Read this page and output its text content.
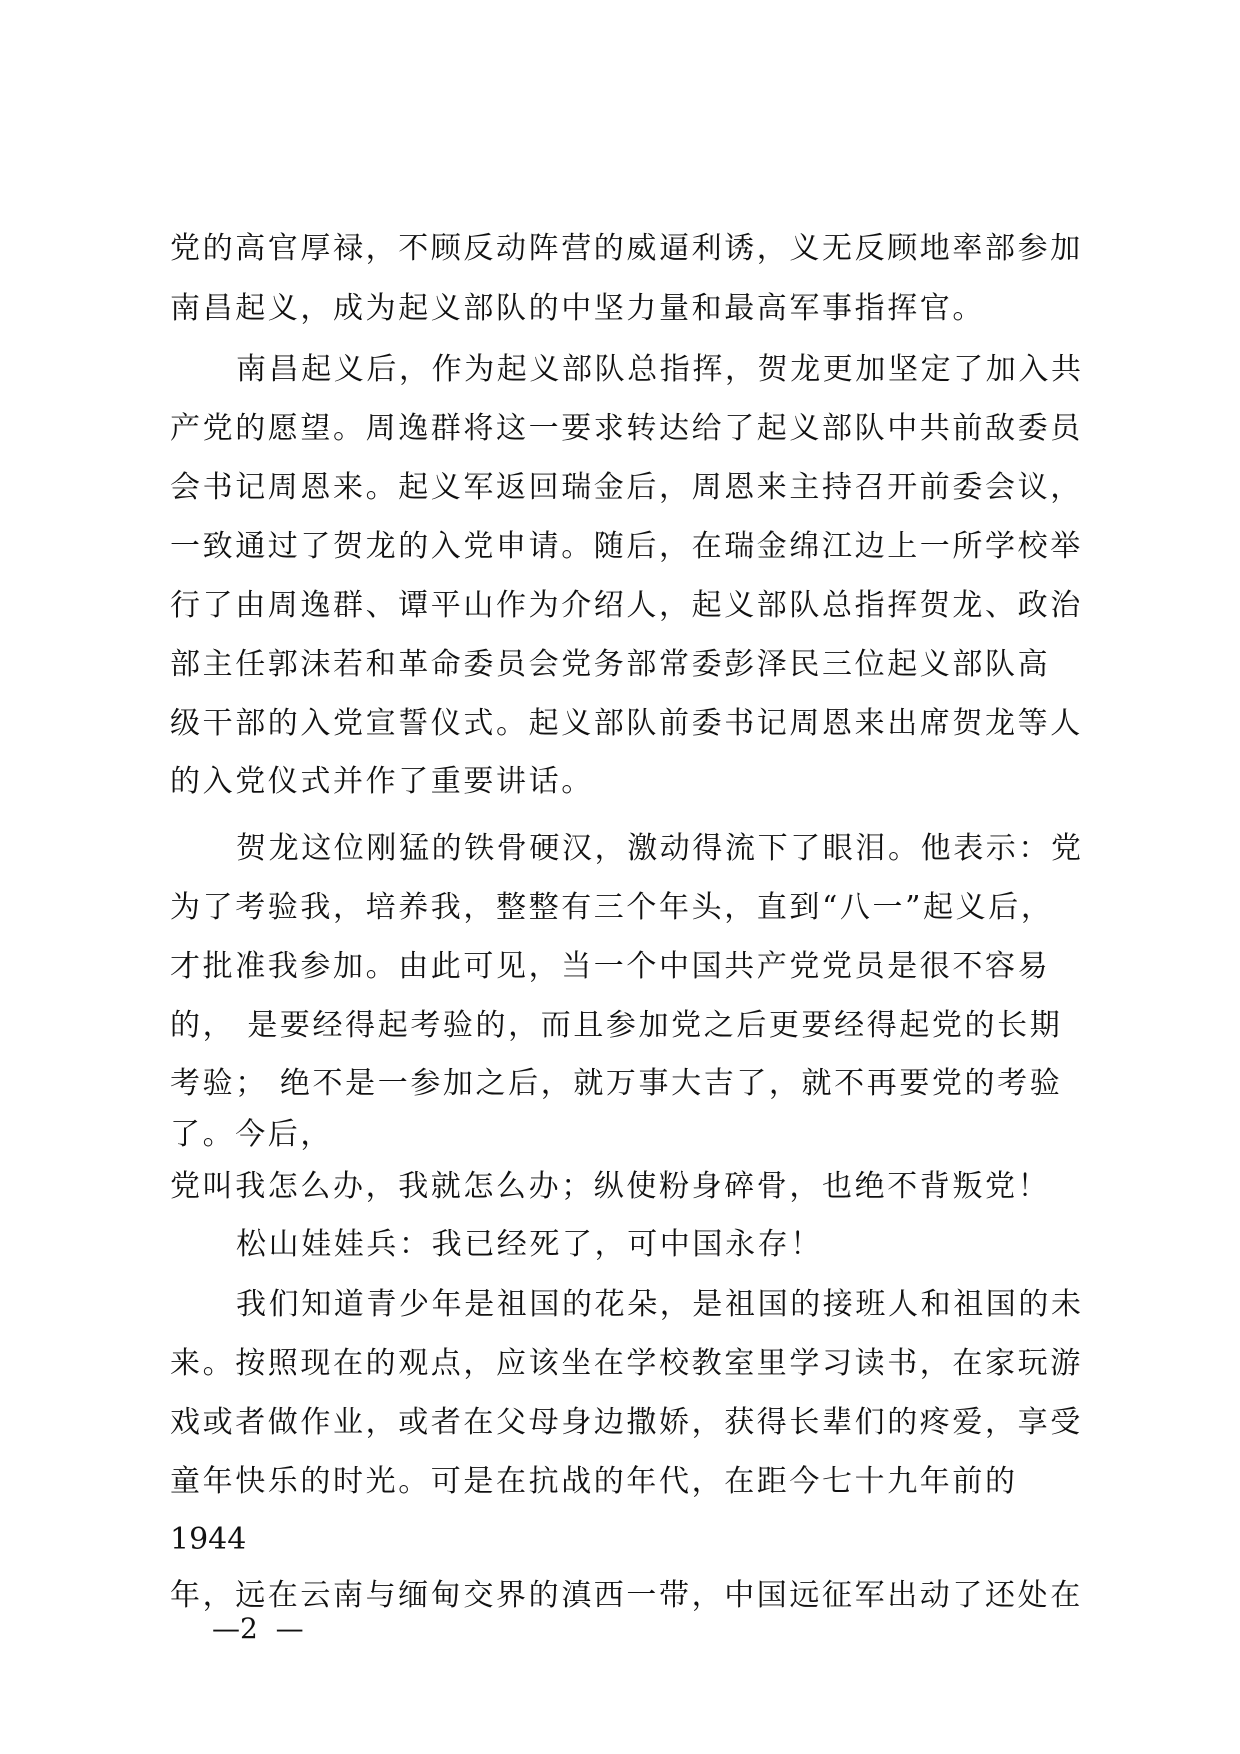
党的高官厚禄，不顾反动阵营的威逼利诱，义无反顾地率部参加

南昌起义，成为起义部队的中坚力量和最高军事指挥官。

南昌起义后，作为起义部队总指挥，贺龙更加坚定了加入共

产党的愿望。周逸群将这一要求转达给了起义部队中共前敌委员

会书记周恩来。起义军返回瑞金后，周恩来主持召开前委会议，

一致通过了贺龙的入党申请。随后，在瑞金绵江边上一所学校举

行了由周逸群、谭平山作为介绍人，起义部队总指挥贺龙、政治

部主任郭沫若和革命委员会党务部常委彭泽民三位起义部队高

级干部的入党宣誓仪式。起义部队前委书记周恩来出席贺龙等人

的入党仪式并作了重要讲话。

贺龙这位刚猛的铁骨硬汉，激动得流下了眼泪。他表示：党

为了考验我，培养我，整整有三个年头，直到“八一”起义后，

才批准我参加。由此可见，当一个中国共产党党员是很不容易

的， 是要经得起考验的，而且参加党之后更要经得起党的长期

考验； 绝不是一参加之后，就万事大吉了，就不再要党的考验

了。今后，

党叫我怎么办，我就怎么办；纵使粉身碎骨，也绝不背叛党！

松山娃娃兵：我已经死了，可中国永存！

我们知道青少年是祖国的花朵，是祖国的接班人和祖国的未

来。按照现在的观点，应该坐在学校教室里学习读书，在家玩游

戏或者做作业，或者在父母身边撒娇，获得长辈们的疼爱，享受

童年快乐的时光。可是在抗战的年代，在距今七十九年前的

1944

年，远在云南与缅甸交界的滇西一带，中国远征军出动了还处在

—2  —
